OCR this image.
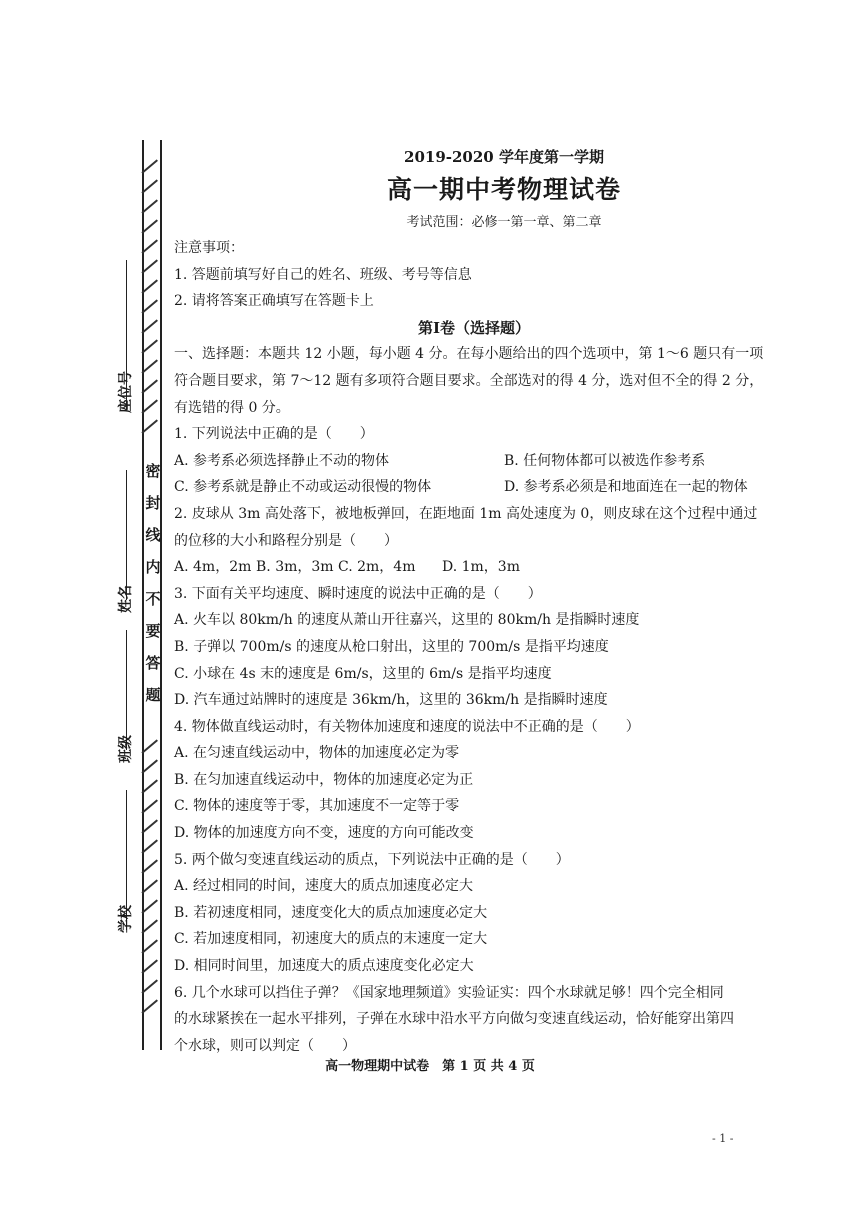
座位号
姓名
班级
学校
密
封
线
内
不
要
答
题
2019-2020 学年度第一学期
高一期中考物理试卷
考试范围：必修一第一章、第二章
注意事项：
1. 答题前填写好自己的姓名、班级、考号等信息
2. 请将答案正确填写在答题卡上
第Ⅰ卷（选择题）
一、选择题：本题共 12 小题，每小题 4 分。在每小题给出的四个选项中，第 1～6 题只有一项
符合题目要求，第 7～12 题有多项符合题目要求。全部选对的得 4 分，选对但不全的得 2 分，
有选错的得 0 分。
1. 下列说法中正确的是（　　）
A. 参考系必须选择静止不动的物体	B. 任何物体都可以被选作参考系
C. 参考系就是静止不动或运动很慢的物体	D. 参考系必须是和地面连在一起的物体
2. 皮球从 3m 高处落下，被地板弹回，在距地面 1m 高处速度为 0，则皮球在这个过程中通过
的位移的大小和路程分别是（　　）
A. 4m，2m B. 3m，3m C. 2m，4m	D. 1m，3m
3. 下面有关平均速度、瞬时速度的说法中正确的是（　　）
A. 火车以 80km/h 的速度从萧山开往嘉兴，这里的 80km/h 是指瞬时速度
B. 子弹以 700m/s 的速度从枪口射出，这里的 700m/s 是指平均速度
C. 小球在 4s 末的速度是 6m/s，这里的 6m/s 是指平均速度
D. 汽车通过站牌时的速度是 36km/h，这里的 36km/h 是指瞬时速度
4. 物体做直线运动时，有关物体加速度和速度的说法中不正确的是（　　）
A. 在匀速直线运动中，物体的加速度必定为零
B. 在匀加速直线运动中，物体的加速度必定为正
C. 物体的速度等于零，其加速度不一定等于零
D. 物体的加速度方向不变，速度的方向可能改变
5. 两个做匀变速直线运动的质点，下列说法中正确的是（　　）
A. 经过相同的时间，速度大的质点加速度必定大
B. 若初速度相同，速度变化大的质点加速度必定大
C. 若加速度相同，初速度大的质点的末速度一定大
D. 相同时间里，加速度大的质点速度变化必定大
6. 几个水球可以挡住子弹？《国家地理频道》实验证实：四个水球就足够！四个完全相同
的水球紧挨在一起水平排列，子弹在水球中沿水平方向做匀变速直线运动，恰好能穿出第四
个水球，则可以判定（　　）
高一物理期中试卷　第 1 页 共 4 页
- 1 -
